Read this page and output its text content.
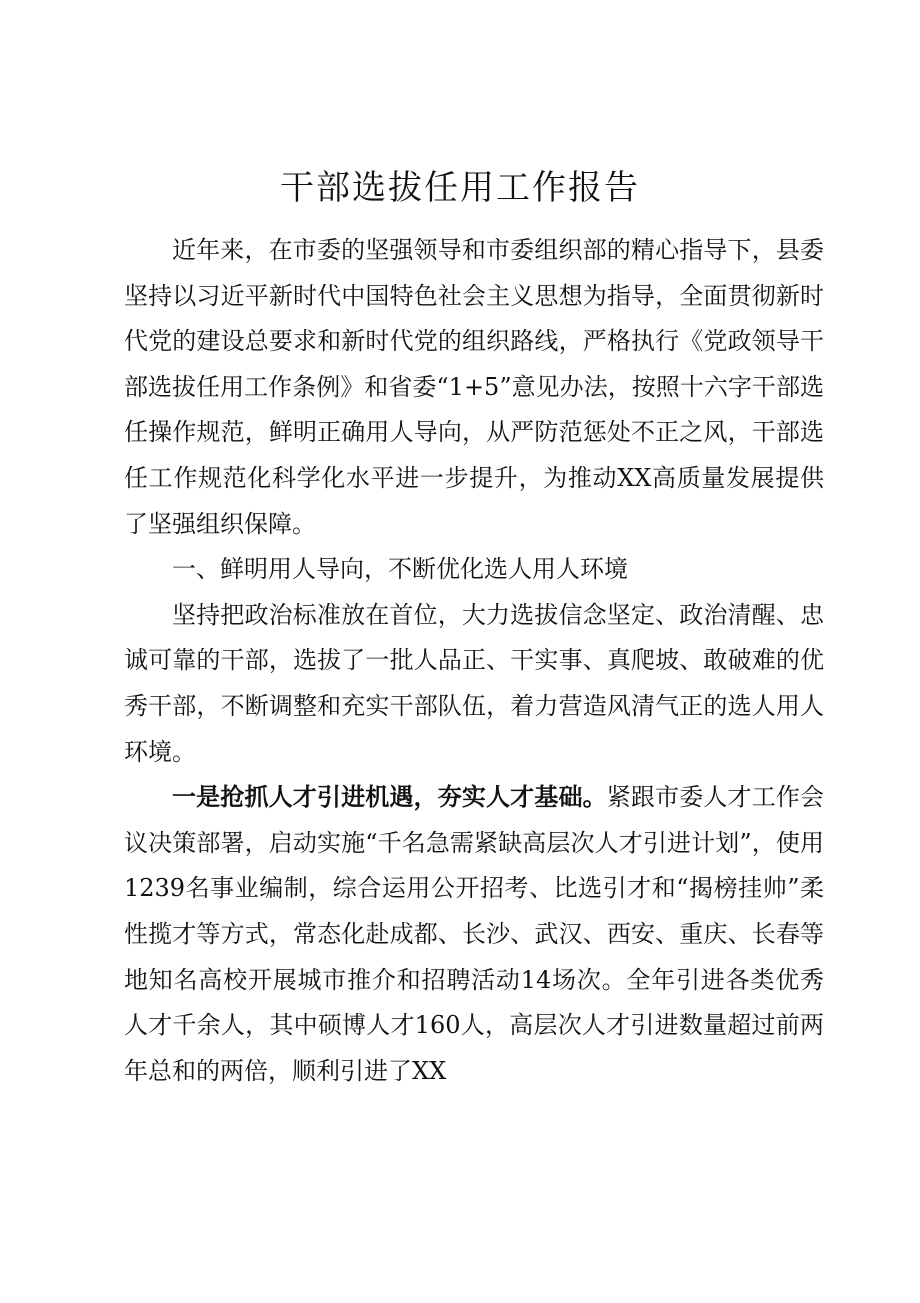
干部选拔任用工作报告

近年来，在市委的坚强领导和市委组织部的精心指导下，县委坚持以习近平新时代中国特色社会主义思想为指导，全面贯彻新时代党的建设总要求和新时代党的组织路线，严格执行《党政领导干部选拔任用工作条例》和省委“1+5”意见办法，按照十六字干部选任操作规范，鲜明正确用人导向，从严防范惩处不正之风，干部选任工作规范化科学化水平进一步提升，为推动XX高质量发展提供了坚强组织保障。

一、鲜明用人导向，不断优化选人用人环境

坚持把政治标准放在首位，大力选拔信念坚定、政治清醒、忠诚可靠的干部，选拔了一批人品正、干实事、真爬坡、敢破难的优秀干部，不断调整和充实干部队伍，着力营造风清气正的选人用人环境。

一是抢抓人才引进机遇，夯实人才基础。紧跟市委人才工作会议决策部署，启动实施“千名急需紧缺高层次人才引进计划”，使用1239名事业编制，综合运用公开招考、比选引才和“揭榜挂帅”柔性揽才等方式，常态化赴成都、长沙、武汉、西安、重庆、长春等地知名高校开展城市推介和招聘活动14场次。全年引进各类优秀人才千余人，其中硕博人才160人，高层次人才引进数量超过前两年总和的两倍，顺利引进了XX
